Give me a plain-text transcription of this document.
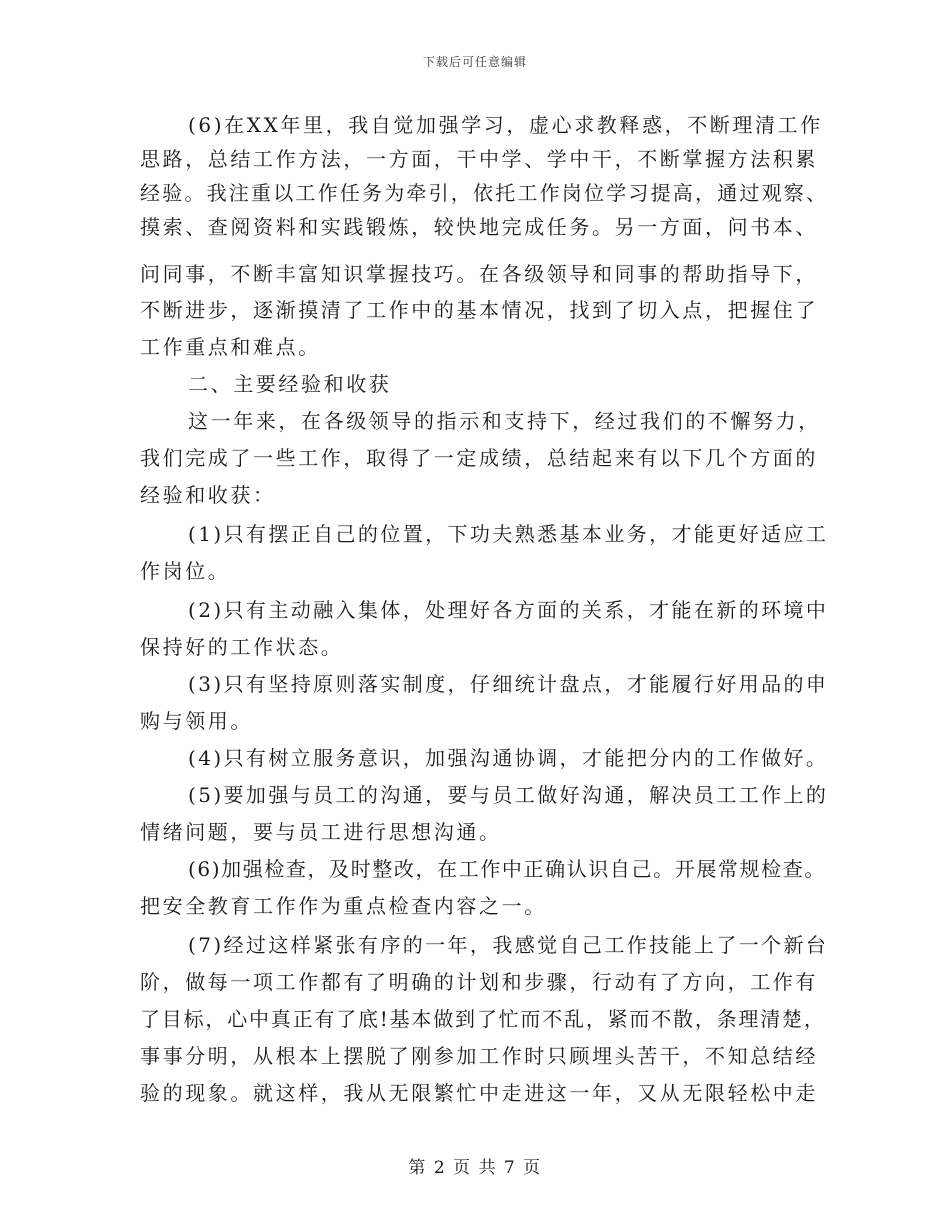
下载后可任意编辑
(6)在XX年里，我自觉加强学习，虚心求教释惑，不断理清工作
思路，总结工作方法，一方面，干中学、学中干，不断掌握方法积累
经验。我注重以工作任务为牵引，依托工作岗位学习提高，通过观察、
摸索、查阅资料和实践锻炼，较快地完成任务。另一方面，问书本、
问同事，不断丰富知识掌握技巧。在各级领导和同事的帮助指导下，
不断进步，逐渐摸清了工作中的基本情况，找到了切入点，把握住了
工作重点和难点。
二、主要经验和收获
这一年来，在各级领导的指示和支持下，经过我们的不懈努力，
我们完成了一些工作，取得了一定成绩，总结起来有以下几个方面的
经验和收获：
(1)只有摆正自己的位置，下功夫熟悉基本业务，才能更好适应工
作岗位。
(2)只有主动融入集体，处理好各方面的关系，才能在新的环境中
保持好的工作状态。
(3)只有坚持原则落实制度，仔细统计盘点，才能履行好用品的申
购与领用。
(4)只有树立服务意识，加强沟通协调，才能把分内的工作做好。
(5)要加强与员工的沟通，要与员工做好沟通，解决员工工作上的
情绪问题，要与员工进行思想沟通。
(6)加强检查，及时整改，在工作中正确认识自己。开展常规检查。
把安全教育工作作为重点检查内容之一。
(7)经过这样紧张有序的一年，我感觉自己工作技能上了一个新台
阶，做每一项工作都有了明确的计划和步骤，行动有了方向，工作有
了目标，心中真正有了底!基本做到了忙而不乱，紧而不散，条理清楚，
事事分明，从根本上摆脱了刚参加工作时只顾埋头苦干，不知总结经
验的现象。就这样，我从无限繁忙中走进这一年，又从无限轻松中走
第 2 页 共 7 页
